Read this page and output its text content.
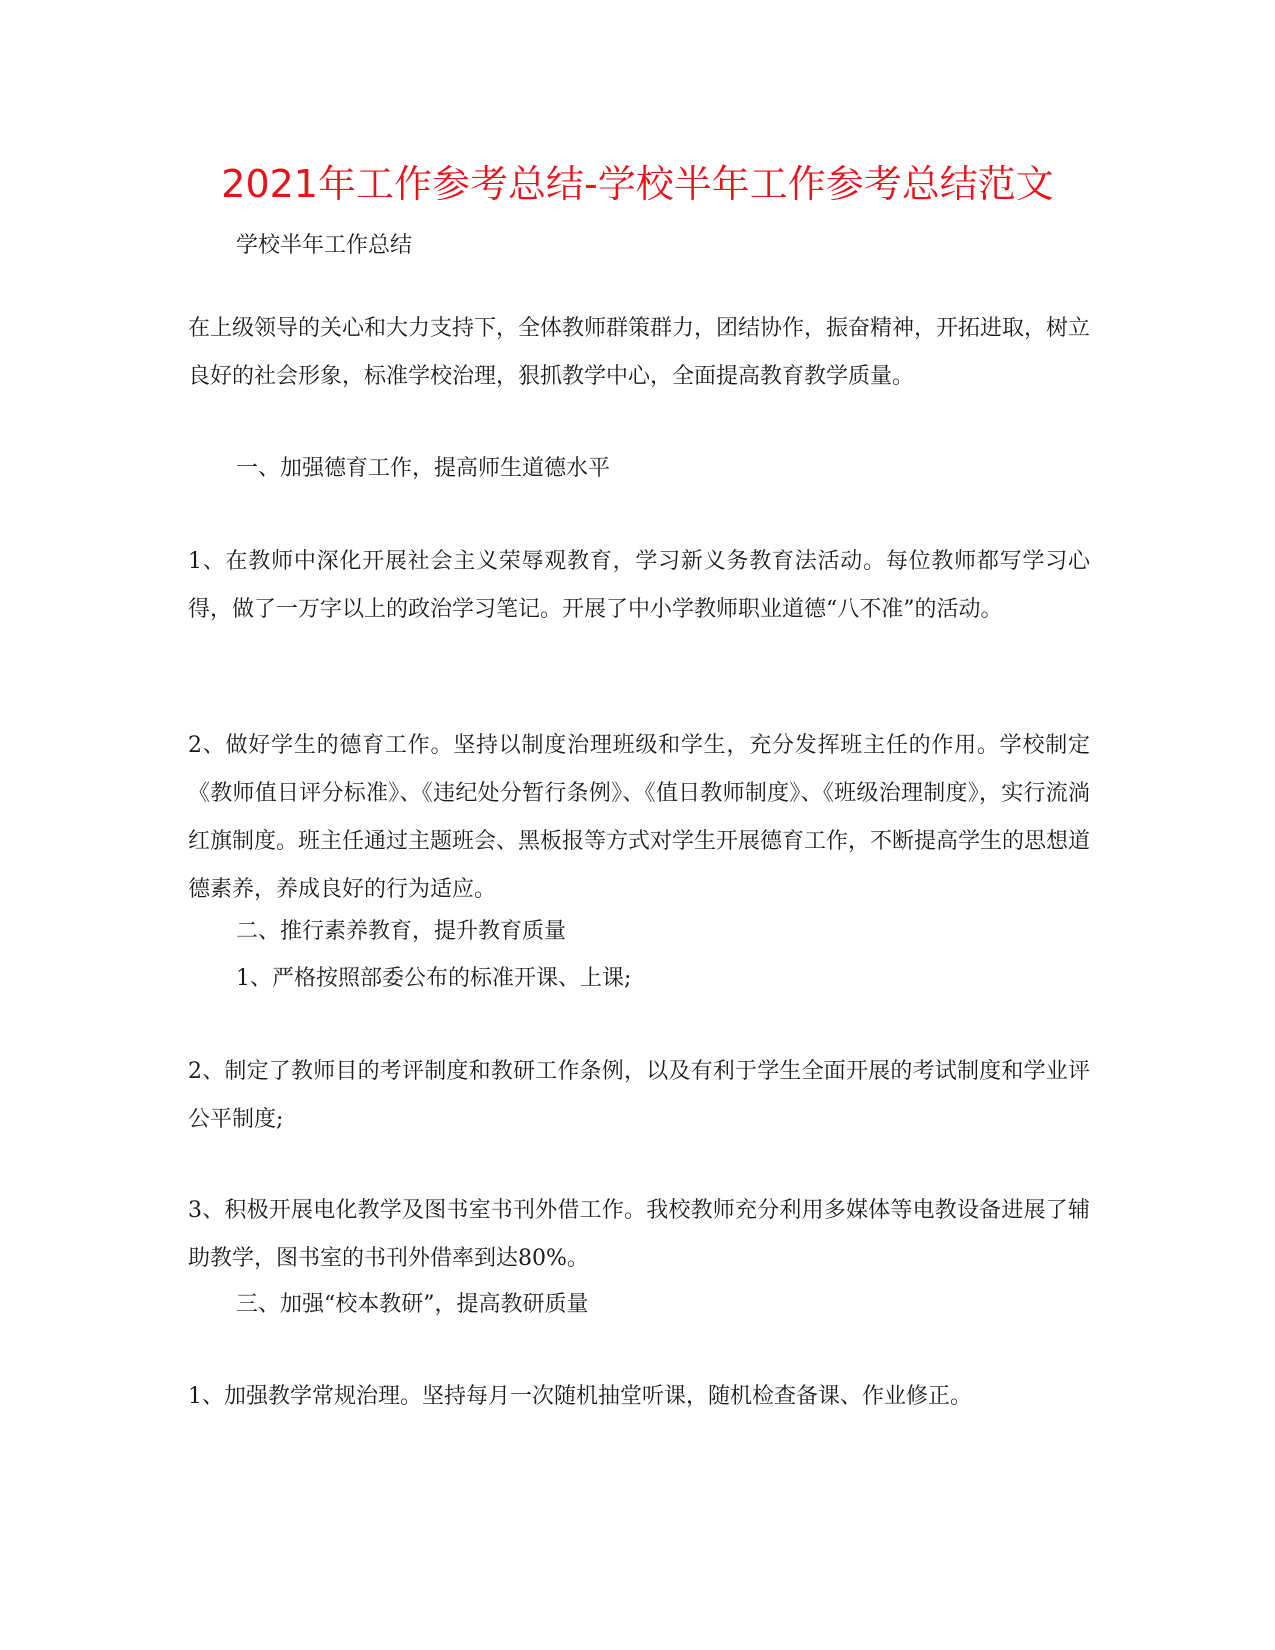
2021年工作参考总结-学校半年工作参考总结范文

学校半年工作总结

在上级领导的关心和大力支持下，全体教师群策群力，团结协作，振奋精神，开拓进取，树立良好的社会形象，标准学校治理，狠抓教学中心，全面提高教育教学质量。

一、加强德育工作，提高师生道德水平

1、在教师中深化开展社会主义荣辱观教育，学习新义务教育法活动。每位教师都写学习心得，做了一万字以上的政治学习笔记。开展了中小学教师职业道德“八不准”的活动。

2、做好学生的德育工作。坚持以制度治理班级和学生，充分发挥班主任的作用。学校制定《教师值日评分标准》、《违纪处分暂行条例》、《值日教师制度》、《班级治理制度》，实行流淌红旗制度。班主任通过主题班会、黑板报等方式对学生开展德育工作，不断提高学生的思想道德素养，养成良好的行为适应。

二、推行素养教育，提升教育质量

1、严格按照部委公布的标准开课、上课;

2、制定了教师目的考评制度和教研工作条例，以及有利于学生全面开展的考试制度和学业评公平制度;

3、积极开展电化教学及图书室书刊外借工作。我校教师充分利用多媒体等电教设备进展了辅助教学，图书室的书刊外借率到达80%。

三、加强“校本教研”，提高教研质量

1、加强教学常规治理。坚持每月一次随机抽堂听课，随机检查备课、作业修正。
